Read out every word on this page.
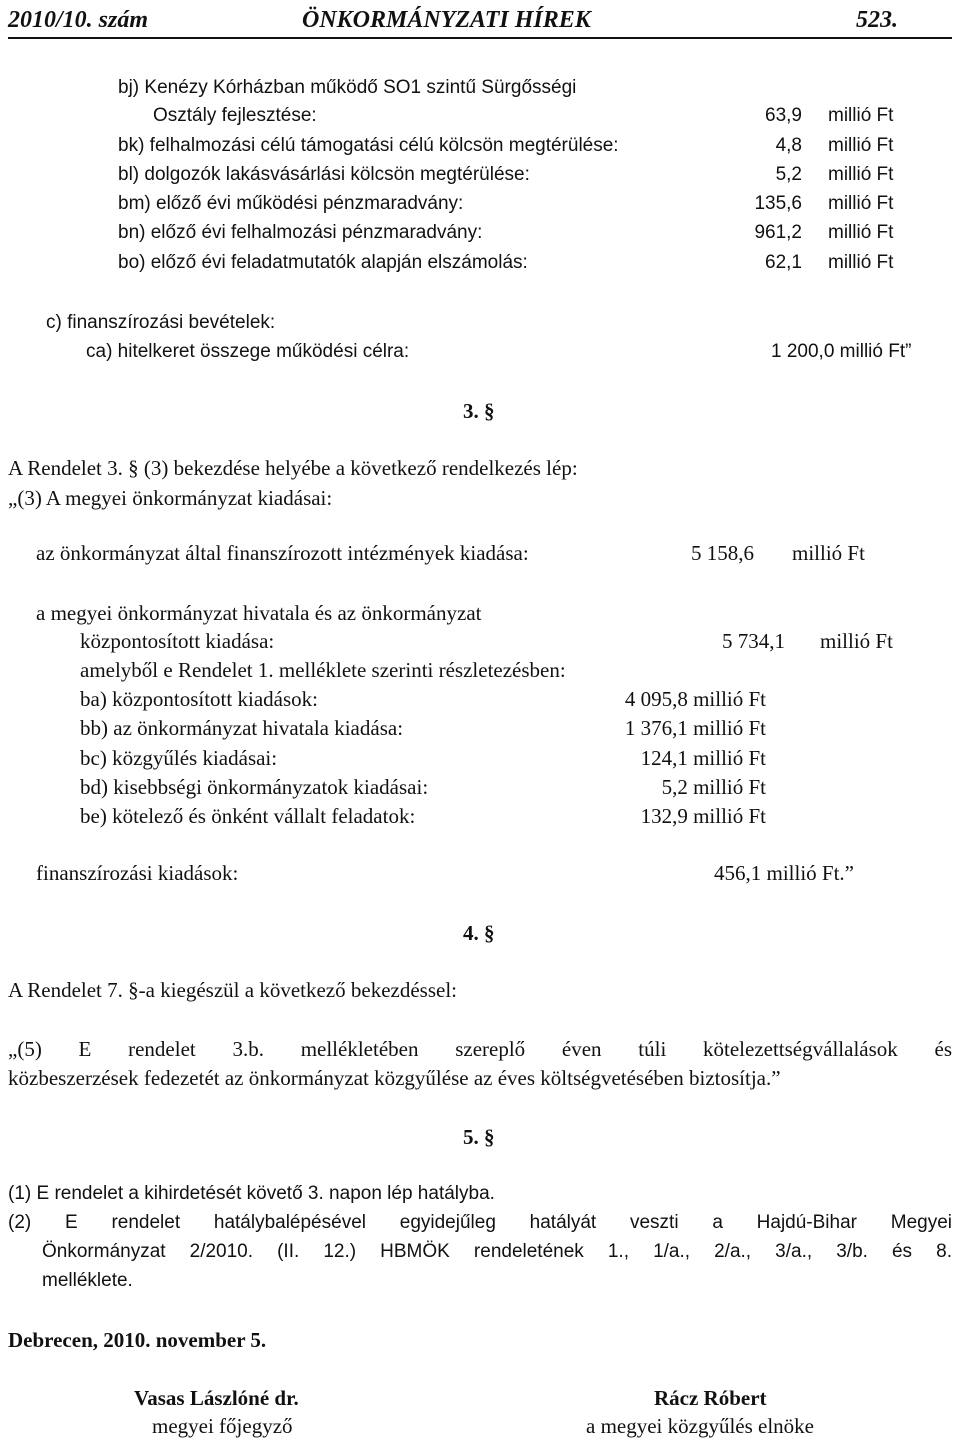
2010/10. szám	ÖNKORMÁNYZATI HÍREK	523.
bj) Kenézy Kórházban működő SO1 szintű Sürgősségi
Osztály fejlesztése:	63,9 millió Ft
bk) felhalmozási célú támogatási célú kölcsön megtérülése:	4,8 millió Ft
bl) dolgozók lakásvásárlási kölcsön megtérülése:	5,2 millió Ft
bm) előző évi működési pénzmaradvány:	135,6 millió Ft
bn) előző évi felhalmozási pénzmaradvány:	961,2 millió Ft
bo) előző évi feladatmutatók alapján elszámolás:	62,1 millió Ft
c) finanszírozási bevételek:
ca) hitelkeret összege működési célra:	1 200,0 millió Ft”
3. §
A Rendelet 3. § (3) bekezdése helyébe a következő rendelkezés lép:
„(3) A megyei önkormányzat kiadásai:
az önkormányzat által finanszírozott intézmények kiadása:	5 158,6 millió Ft
a megyei önkormányzat hivatala és az önkormányzat
központosított kiadása:	5 734,1 millió Ft
amelyből e Rendelet 1. melléklete szerinti részletezésben:
ba) központosított kiadások:	4 095,8 millió Ft
bb) az önkormányzat hivatala kiadása:	1 376,1 millió Ft
bc) közgyűlés kiadásai:	124,1 millió Ft
bd) kisebbségi önkormányzatok kiadásai:	5,2 millió Ft
be) kötelező és önként vállalt feladatok:	132,9 millió Ft
finanszírozási kiadások:	456,1 millió Ft.”
4. §
A Rendelet 7. §-a kiegészül a következő bekezdéssel:
„(5) E rendelet 3.b. mellékletében szereplő éven túli kötelezettségvállalások és
közbeszerzések fedezetét az önkormányzat közgyűlése az éves költségvetésében biztosítja.”
5. §
(1) E rendelet a kihirdetését követő 3. napon lép hatályba.
(2) E rendelet hatálybalépésével egyidejűleg hatályát veszti a Hajdú-Bihar Megyei
Önkormányzat 2/2010. (II. 12.) HBMÖK rendeletének 1., 1/a., 2/a., 3/a., 3/b. és 8.
melléklete.
Debrecen, 2010. november 5.
Vasas Lászlóné dr.
megyei főjegyző
Rácz Róbert
a megyei közgyűlés elnöke
